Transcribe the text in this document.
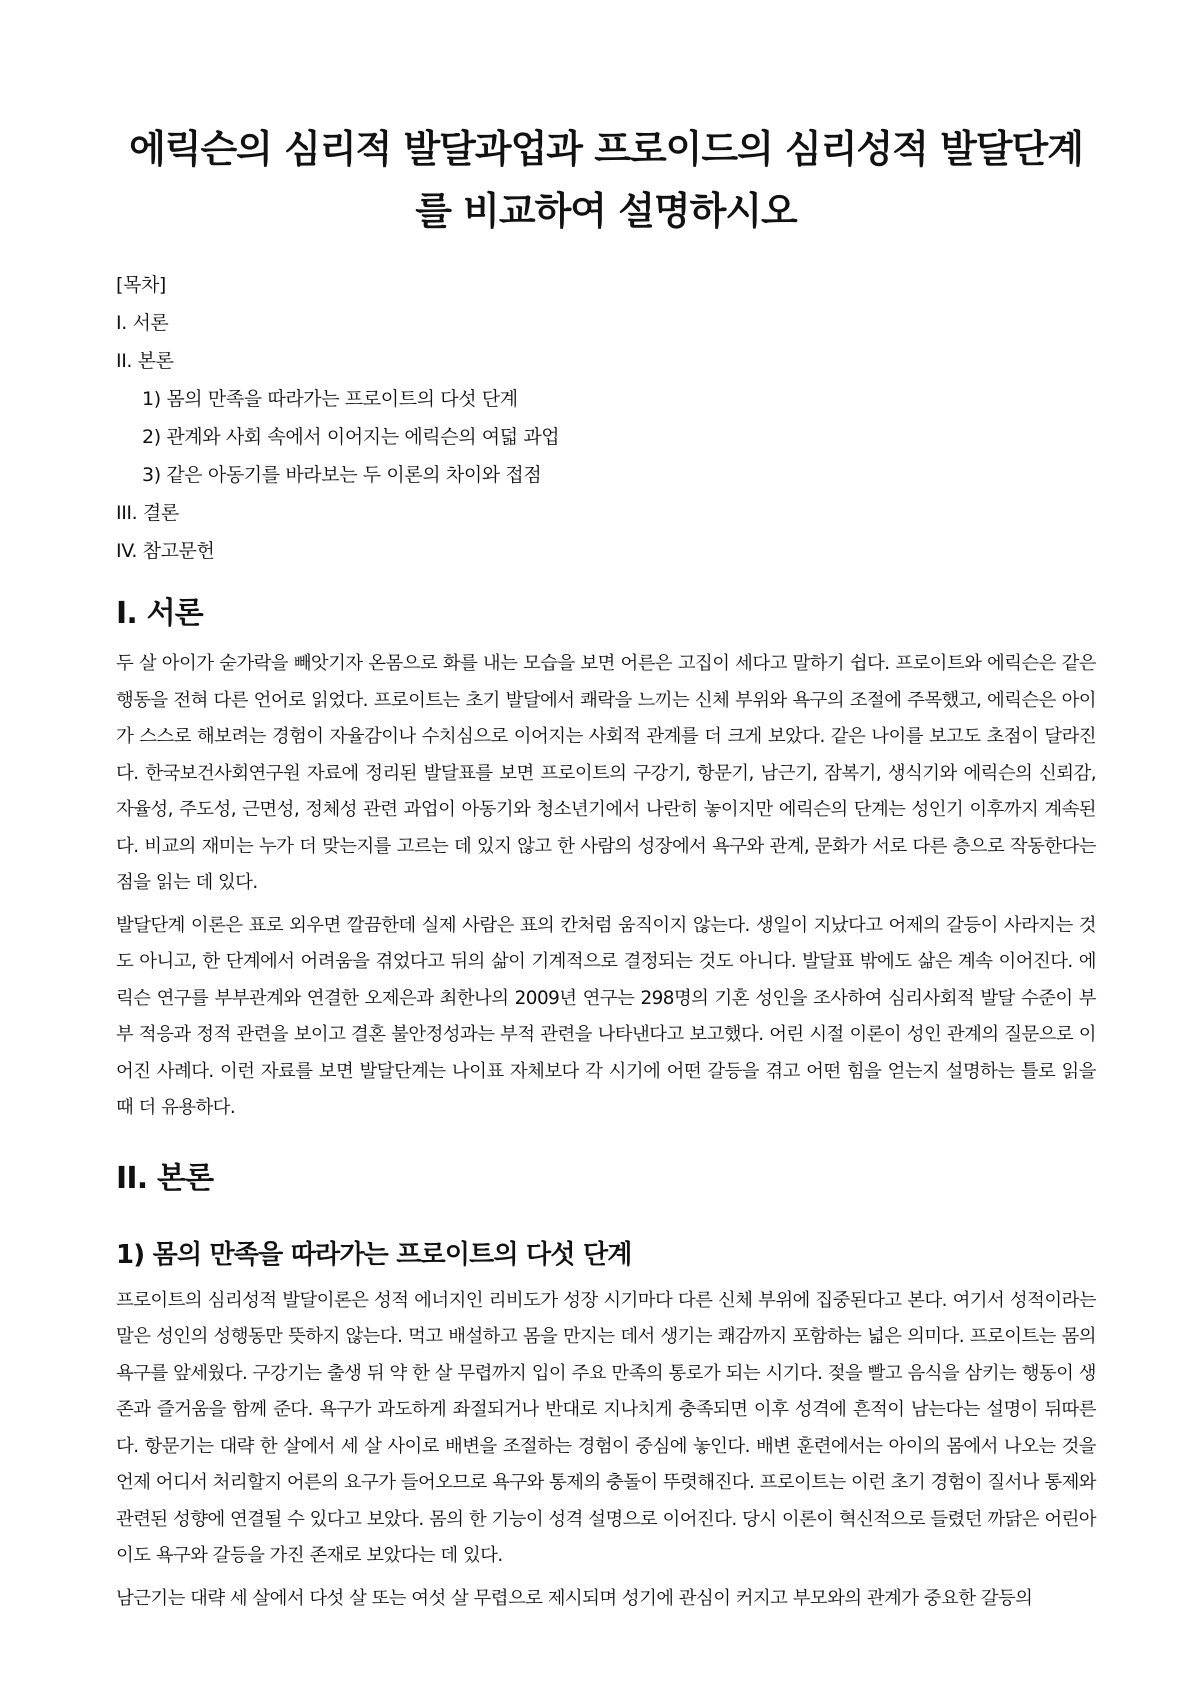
에릭슨의 심리적 발달과업과 프로이드의 심리성적 발달단계를 비교하여 설명하시오
[목차]
I. 서론
II. 본론
1) 몸의 만족을 따라가는 프로이트의 다섯 단계
2) 관계와 사회 속에서 이어지는 에릭슨의 여덟 과업
3) 같은 아동기를 바라보는 두 이론의 차이와 접점
III. 결론
IV. 참고문헌
I. 서론

두 살 아이가 숟가락을 빼앗기자 온몸으로 화를 내는 모습을 보면 어른은 고집이 세다고 말하기 쉽다. 프로이트와 에릭슨은 같은 행동을 전혀 다른 언어로 읽었다. 프로이트는 초기 발달에서 쾌락을 느끼는 신체 부위와 욕구의 조절에 주목했고, 에릭슨은 아이가 스스로 해보려는 경험이 자율감이나 수치심으로 이어지는 사회적 관계를 더 크게 보았다. 같은 나이를 보고도 초점이 달라진다. 한국보건사회연구원 자료에 정리된 발달표를 보면 프로이트의 구강기, 항문기, 남근기, 잠복기, 생식기와 에릭슨의 신뢰감, 자율성, 주도성, 근면성, 정체성 관련 과업이 아동기와 청소년기에서 나란히 놓이지만 에릭슨의 단계는 성인기 이후까지 계속된다. 비교의 재미는 누가 더 맞는지를 고르는 데 있지 않고 한 사람의 성장에서 욕구와 관계, 문화가 서로 다른 층으로 작동한다는 점을 읽는 데 있다.

발달단계 이론은 표로 외우면 깔끔한데 실제 사람은 표의 칸처럼 움직이지 않는다. 생일이 지났다고 어제의 갈등이 사라지는 것도 아니고, 한 단계에서 어려움을 겪었다고 뒤의 삶이 기계적으로 결정되는 것도 아니다. 발달표 밖에도 삶은 계속 이어진다. 에릭슨 연구를 부부관계와 연결한 오제은과 최한나의 2009년 연구는 298명의 기혼 성인을 조사하여 심리사회적 발달 수준이 부부 적응과 정적 관련을 보이고 결혼 불안정성과는 부적 관련을 나타낸다고 보고했다. 어린 시절 이론이 성인 관계의 질문으로 이어진 사례다. 이런 자료를 보면 발달단계는 나이표 자체보다 각 시기에 어떤 갈등을 겪고 어떤 힘을 얻는지 설명하는 틀로 읽을 때 더 유용하다.

II. 본론
1) 몸의 만족을 따라가는 프로이트의 다섯 단계

프로이트의 심리성적 발달이론은 성적 에너지인 리비도가 성장 시기마다 다른 신체 부위에 집중된다고 본다. 여기서 성적이라는 말은 성인의 성행동만 뜻하지 않는다. 먹고 배설하고 몸을 만지는 데서 생기는 쾌감까지 포함하는 넓은 의미다. 프로이트는 몸의 욕구를 앞세웠다. 구강기는 출생 뒤 약 한 살 무렵까지 입이 주요 만족의 통로가 되는 시기다. 젖을 빨고 음식을 삼키는 행동이 생존과 즐거움을 함께 준다. 욕구가 과도하게 좌절되거나 반대로 지나치게 충족되면 이후 성격에 흔적이 남는다는 설명이 뒤따른다. 항문기는 대략 한 살에서 세 살 사이로 배변을 조절하는 경험이 중심에 놓인다. 배변 훈련에서는 아이의 몸에서 나오는 것을 언제 어디서 처리할지 어른의 요구가 들어오므로 욕구와 통제의 충돌이 뚜렷해진다. 프로이트는 이런 초기 경험이 질서나 통제와 관련된 성향에 연결될 수 있다고 보았다. 몸의 한 기능이 성격 설명으로 이어진다. 당시 이론이 혁신적으로 들렸던 까닭은 어린아이도 욕구와 갈등을 가진 존재로 보았다는 데 있다.

남근기는 대략 세 살에서 다섯 살 또는 여섯 살 무렵으로 제시되며 성기에 관심이 커지고 부모와의 관계가 중요한 갈등의
